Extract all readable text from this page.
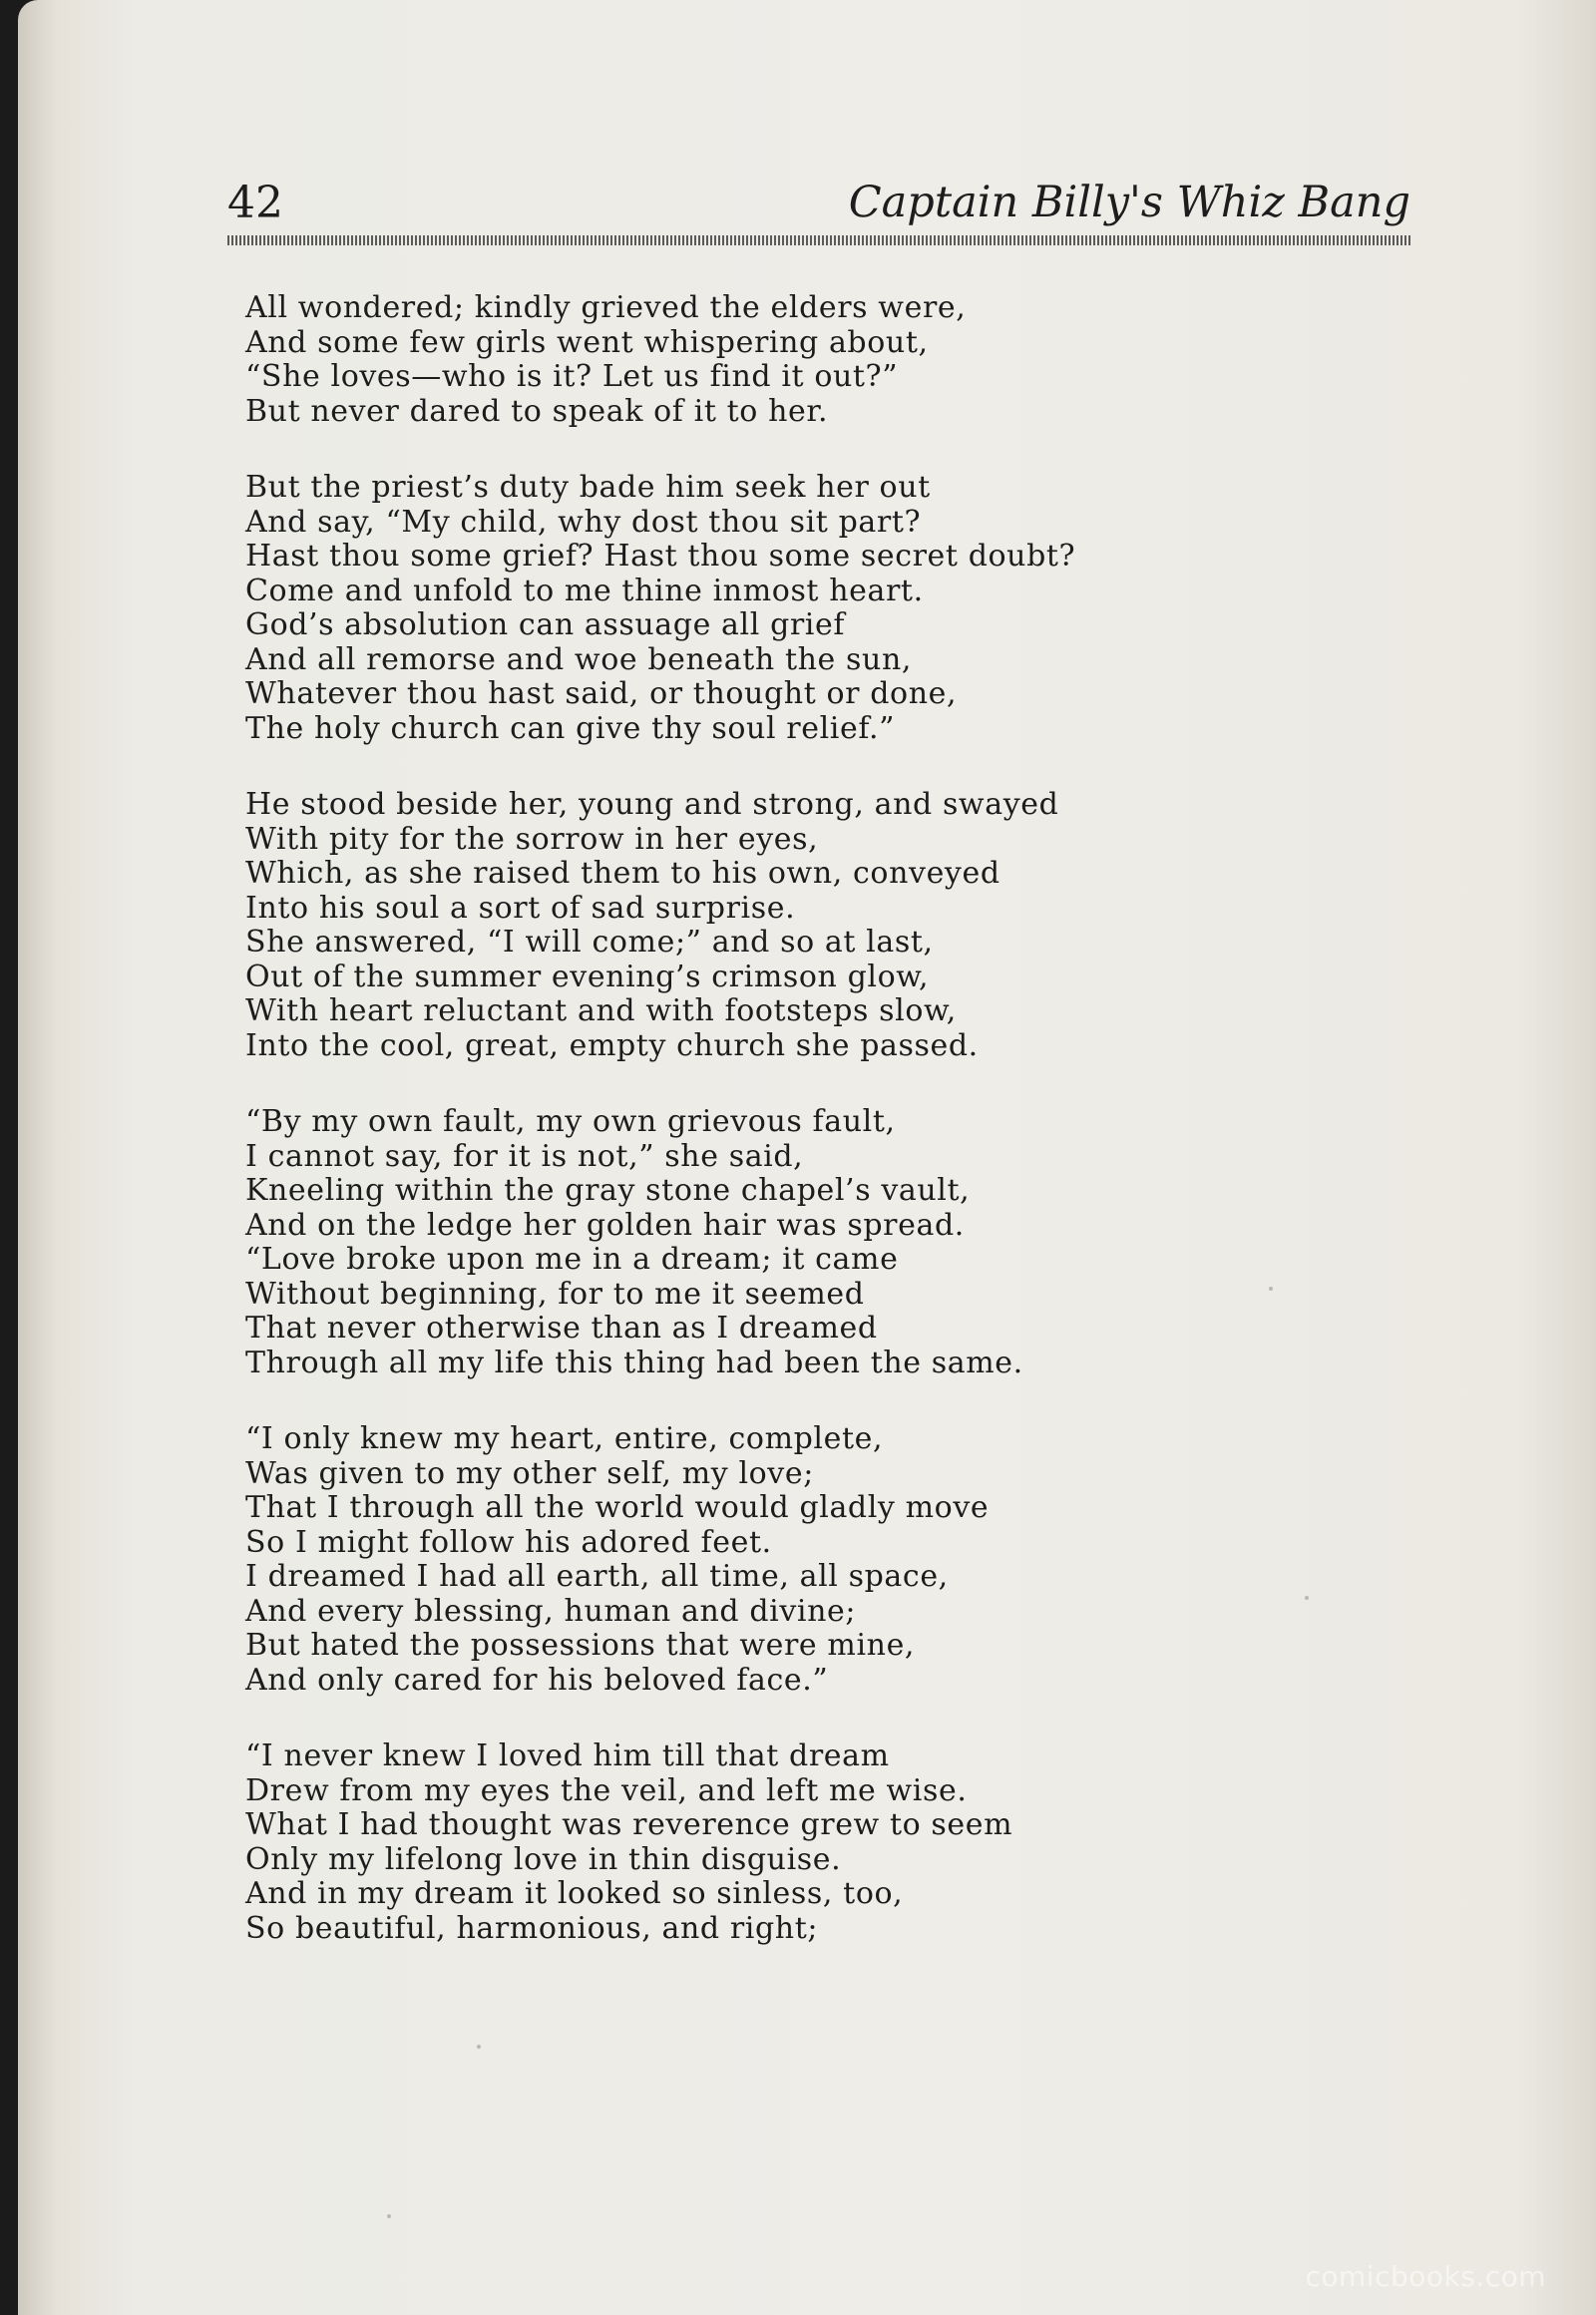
42	Captain Billy's Whiz Bang
All wondered; kindly grieved the elders were,
And some few girls went whispering about,
“She loves—who is it? Let us find it out?”
But never dared to speak of it to her.
But the priest’s duty bade him seek her out
And say, “My child, why dost thou sit part?
Hast thou some grief? Hast thou some secret doubt?
Come and unfold to me thine inmost heart.
God’s absolution can assuage all grief
And all remorse and woe beneath the sun,
Whatever thou hast said, or thought or done,
The holy church can give thy soul relief.”
He stood beside her, young and strong, and swayed
With pity for the sorrow in her eyes,
Which, as she raised them to his own, conveyed
Into his soul a sort of sad surprise.
She answered, “I will come;” and so at last,
Out of the summer evening’s crimson glow,
With heart reluctant and with footsteps slow,
Into the cool, great, empty church she passed.
“By my own fault, my own grievous fault,
I cannot say, for it is not,” she said,
Kneeling within the gray stone chapel’s vault,
And on the ledge her golden hair was spread.
“Love broke upon me in a dream; it came
Without beginning, for to me it seemed
That never otherwise than as I dreamed
Through all my life this thing had been the same.
“I only knew my heart, entire, complete,
Was given to my other self, my love;
That I through all the world would gladly move
So I might follow his adored feet.
I dreamed I had all earth, all time, all space,
And every blessing, human and divine;
But hated the possessions that were mine,
And only cared for his beloved face.”
“I never knew I loved him till that dream
Drew from my eyes the veil, and left me wise.
What I had thought was reverence grew to seem
Only my lifelong love in thin disguise.
And in my dream it looked so sinless, too,
So beautiful, harmonious, and right;
comicbooks.com
